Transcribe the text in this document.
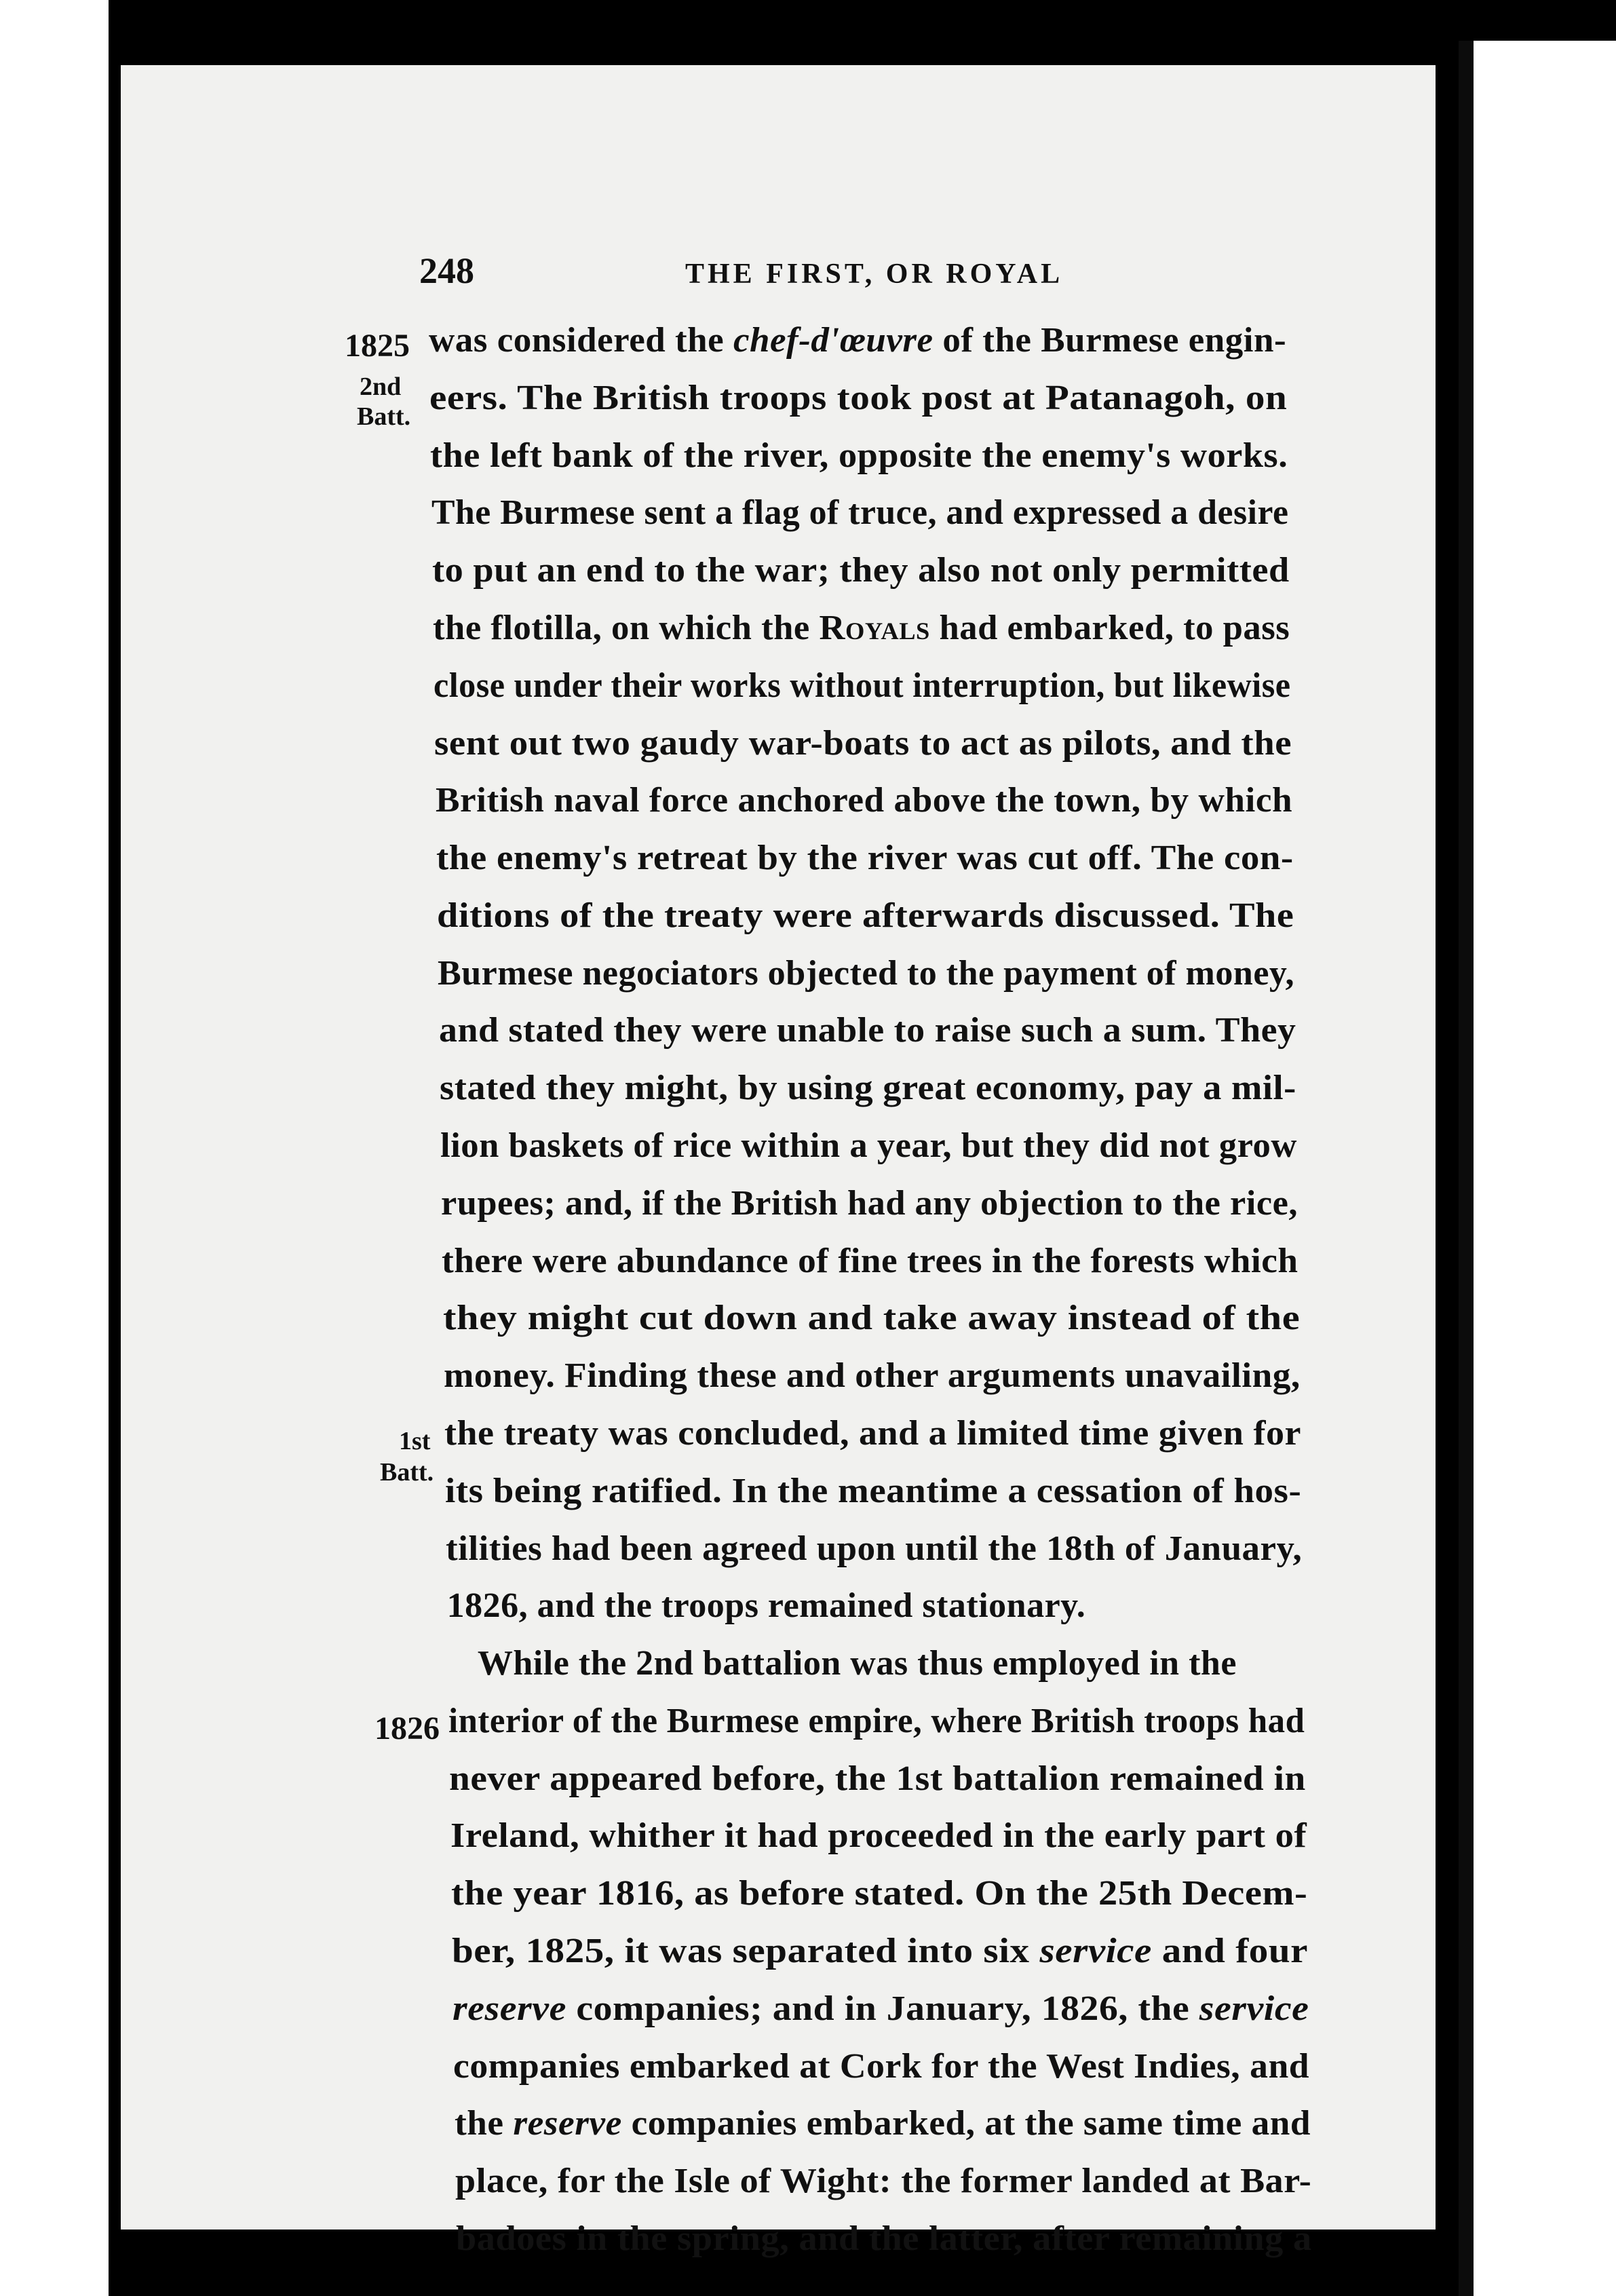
248	THE FIRST, OR ROYAL
1825
2nd
Batt.
1st
Batt.
1826
was considered the chef-d'œuvre of the Burmese engin-
eers. The British troops took post at Patanagoh, on
the left bank of the river, opposite the enemy's works.
The Burmese sent a flag of truce, and expressed a desire
to put an end to the war; they also not only permitted
the flotilla, on which the Royals had embarked, to pass
close under their works without interruption, but likewise
sent out two gaudy war-boats to act as pilots, and the
British naval force anchored above the town, by which
the enemy's retreat by the river was cut off. The con-
ditions of the treaty were afterwards discussed. The
Burmese negociators objected to the payment of money,
and stated they were unable to raise such a sum. They
stated they might, by using great economy, pay a mil-
lion baskets of rice within a year, but they did not grow
rupees; and, if the British had any objection to the rice,
there were abundance of fine trees in the forests which
they might cut down and take away instead of the
money. Finding these and other arguments unavailing,
the treaty was concluded, and a limited time given for
its being ratified. In the meantime a cessation of hos-
tilities had been agreed upon until the 18th of January,
1826, and the troops remained stationary.
While the 2nd battalion was thus employed in the
interior of the Burmese empire, where British troops had
never appeared before, the 1st battalion remained in
Ireland, whither it had proceeded in the early part of
the year 1816, as before stated. On the 25th Decem-
ber, 1825, it was separated into six service and four
reserve companies; and in January, 1826, the service
companies embarked at Cork for the West Indies, and
the reserve companies embarked, at the same time and
place, for the Isle of Wight: the former landed at Bar-
badoes in the spring, and the latter, after remaining a
